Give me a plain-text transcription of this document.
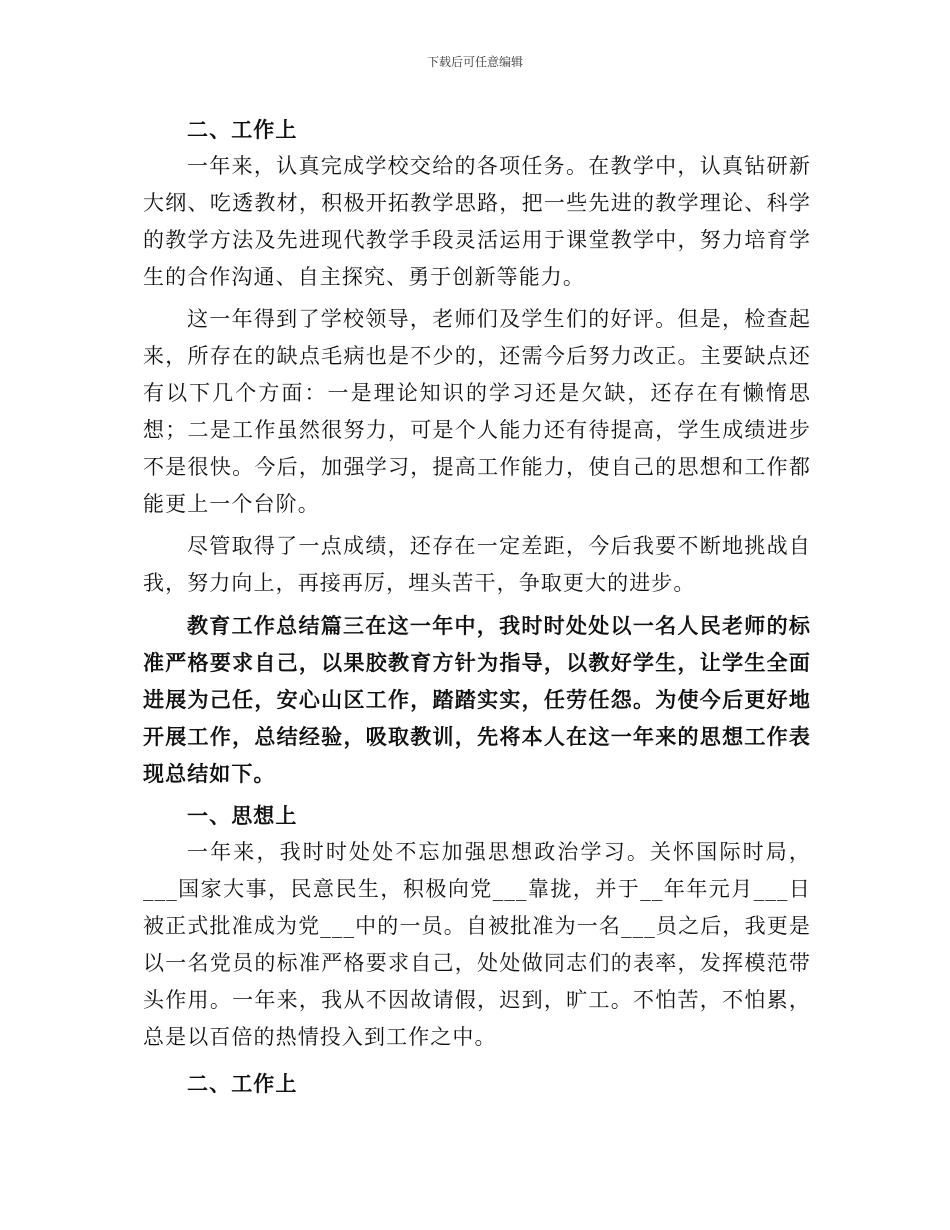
下载后可任意编辑

二、工作上

一年来，认真完成学校交给的各项任务。在教学中，认真钻研新大纲、吃透教材，积极开拓教学思路，把一些先进的教学理论、科学的教学方法及先进现代教学手段灵活运用于课堂教学中，努力培育学生的合作沟通、自主探究、勇于创新等能力。

这一年得到了学校领导，老师们及学生们的好评。但是，检查起来，所存在的缺点毛病也是不少的，还需今后努力改正。主要缺点还有以下几个方面：一是理论知识的学习还是欠缺，还存在有懒惰思想；二是工作虽然很努力，可是个人能力还有待提高，学生成绩进步不是很快。今后，加强学习，提高工作能力，使自己的思想和工作都能更上一个台阶。

尽管取得了一点成绩，还存在一定差距，今后我要不断地挑战自我，努力向上，再接再厉，埋头苦干，争取更大的进步。

教育工作总结篇三在这一年中，我时时处处以一名人民老师的标准严格要求自己，以果胶教育方针为指导，以教好学生，让学生全面进展为己任，安心山区工作，踏踏实实，任劳任怨。为使今后更好地开展工作，总结经验，吸取教训，先将本人在这一年来的思想工作表现总结如下。

一、思想上

一年来，我时时处处不忘加强思想政治学习。关怀国际时局，___国家大事，民意民生，积极向党___靠拢，并于__年年元月___日被正式批准成为党___中的一员。自被批准为一名___员之后，我更是以一名党员的标准严格要求自己，处处做同志们的表率，发挥模范带头作用。一年来，我从不因故请假，迟到，旷工。不怕苦，不怕累，总是以百倍的热情投入到工作之中。

二、工作上
